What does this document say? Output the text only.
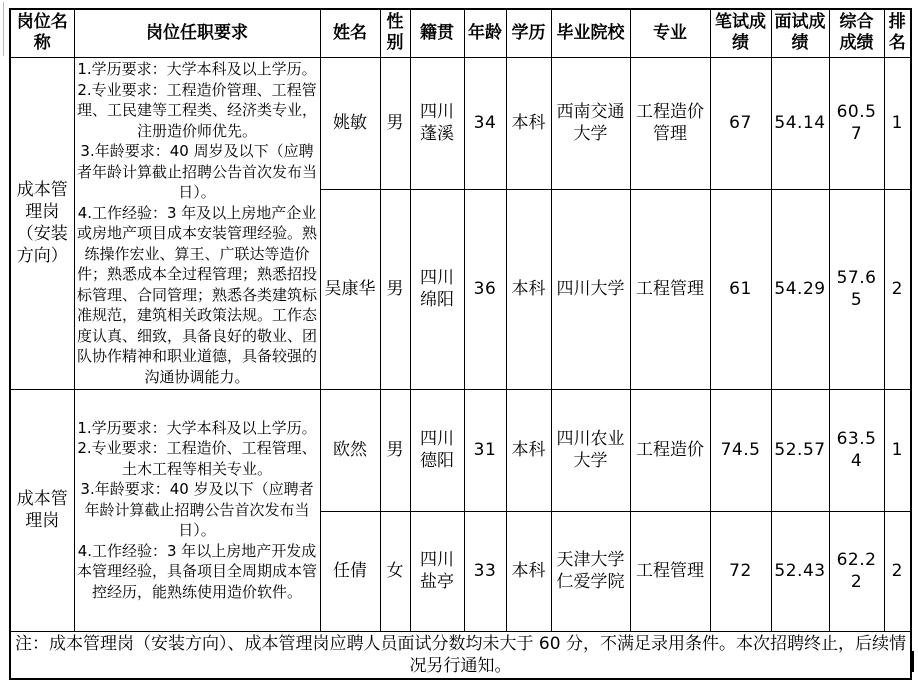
岗位名称	岗位任职要求	姓名	性别	籍贯	年龄	学历	毕业院校	专业	笔试成绩	面试成绩	综合成绩	排名
成本管理岗（安装方向）	1.学历要求：大学本科及以上学历。
2.专业要求：工程造价管理、工程管理、工民建等工程类、经济类专业，注册造价师优先。
3.年龄要求：40 周岁及以下（应聘者年龄计算截止招聘公告首次发布当日）。
4.工作经验：3 年及以上房地产企业或房地产项目成本安装管理经验。熟练操作宏业、算王、广联达等造价件；熟悉成本全过程管理；熟悉招投标管理、合同管理；熟悉各类建筑标准规范，建筑相关政策法规。工作态度认真、细致，具备良好的敬业、团队协作精神和职业道德，具备较强的沟通协调能力。	姚敏	男	四川蓬溪	34	本科	西南交通大学	工程造价管理	67	54.14	60.57	1
		吴康华	男	四川绵阳	36	本科	四川大学	工程管理	61	54.29	57.65	2
成本管理岗	1.学历要求：大学本科及以上学历。
2.专业要求：工程造价、工程管理、土木工程等相关专业。
3.年龄要求：40 岁及以下（应聘者年龄计算截止招聘公告首次发布当日）。
4.工作经验：3 年以上房地产开发成本管理经验，具备项目全周期成本管控经历，能熟练使用造价软件。	欧然	男	四川德阳	31	本科	四川农业大学	工程造价	74.5	52.57	63.54	1
		任倩	女	四川盐亭	33	本科	天津大学仁爱学院	工程管理	72	52.43	62.22	2
注：成本管理岗（安装方向）、成本管理岗应聘人员面试分数均未大于 60 分，不满足录用条件。本次招聘终止，后续情况另行通知。												
